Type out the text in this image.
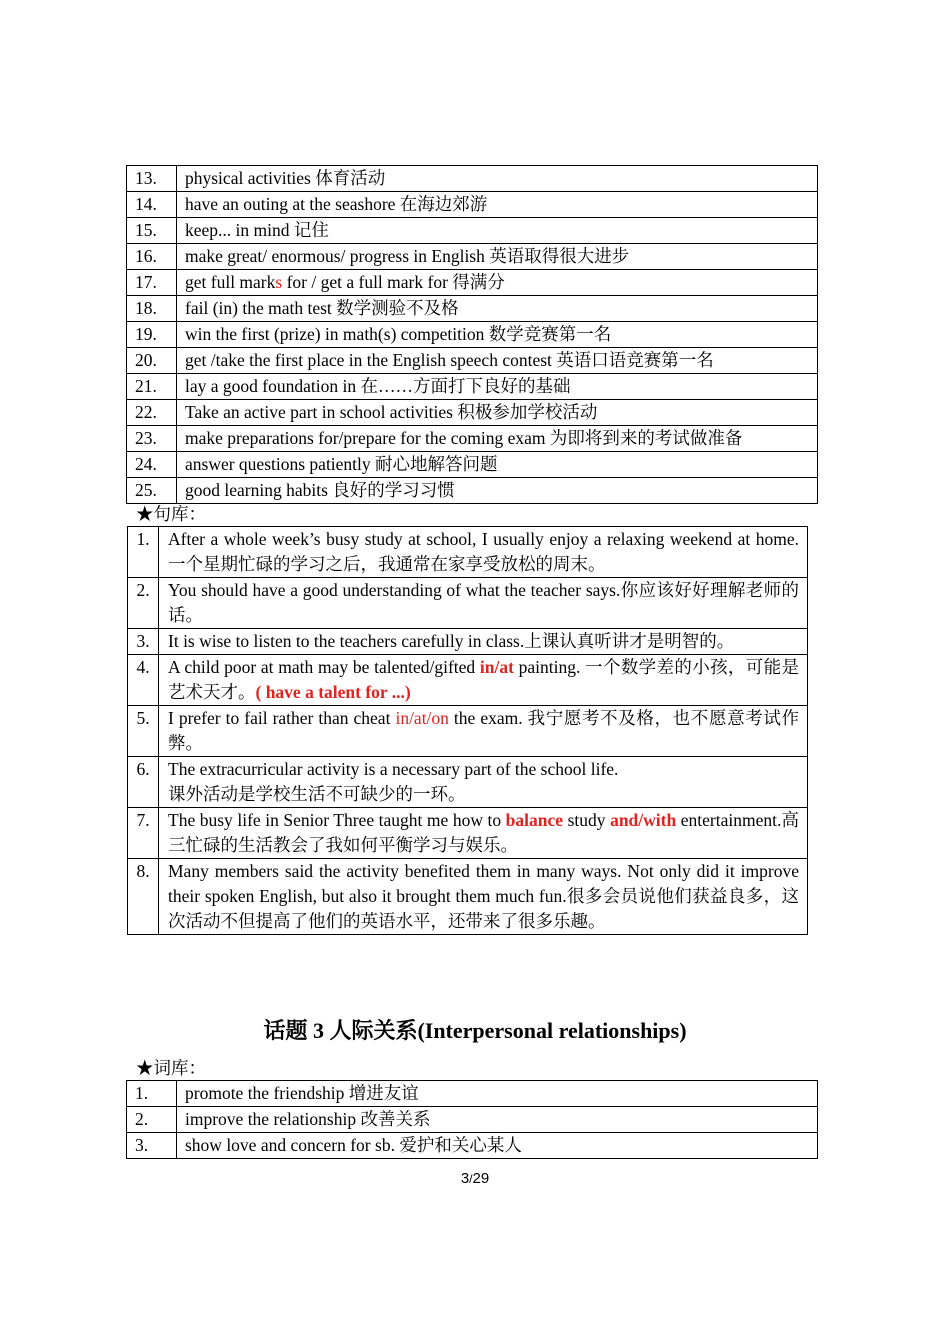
13.	physical activities 体育活动
14.	have an outing at the seashore 在海边郊游
15.	keep... in mind 记住
16.	make great/ enormous/ progress in English 英语取得很大进步
17.	get full marks for / get a full mark for 得满分
18.	fail (in) the math test 数学测验不及格
19.	win the first (prize) in math(s) competition 数学竞赛第一名
20.	get /take the first place in the English speech contest 英语口语竞赛第一名
21.	lay a good foundation in 在……方面打下良好的基础
22.	Take an active part in school activities 积极参加学校活动
23.	make preparations for/prepare for the coming exam 为即将到来的考试做准备
24.	answer questions patiently 耐心地解答问题
25.	good learning habits 良好的学习习惯
★句库：
1.	After a whole week’s busy study at school, I usually enjoy a relaxing weekend at home. 一个星期忙碌的学习之后，我通常在家享受放松的周末。

2.	You should have a good understanding of what the teacher says.你应该好好理解老师的话。

3.	It is wise to listen to the teachers carefully in class.上课认真听讲才是明智的。

4.	A child poor at math may be talented/gifted in/at painting. 一个数学差的小孩，可能是艺术天才。( have a talent for ...)

5.	I prefer to fail rather than cheat in/at/on the exam. 我宁愿考不及格，也不愿意考试作弊。

6.	The extracurricular activity is a necessary part of the school life.
课外活动是学校生活不可缺少的一环。

7.	The busy life in Senior Three taught me how to balance study and/with entertainment.高三忙碌的生活教会了我如何平衡学习与娱乐。

8.	Many members said the activity benefited them in many ways. Not only did it improve their spoken English, but also it brought them much fun.很多会员说他们获益良多，这次活动不但提高了他们的英语水平，还带来了很多乐趣。
话题 3 人际关系(Interpersonal relationships)
★词库：
1.	promote the friendship 增进友谊
2.	improve the relationship 改善关系
3.	show love and concern for sb. 爱护和关心某人
3/29
